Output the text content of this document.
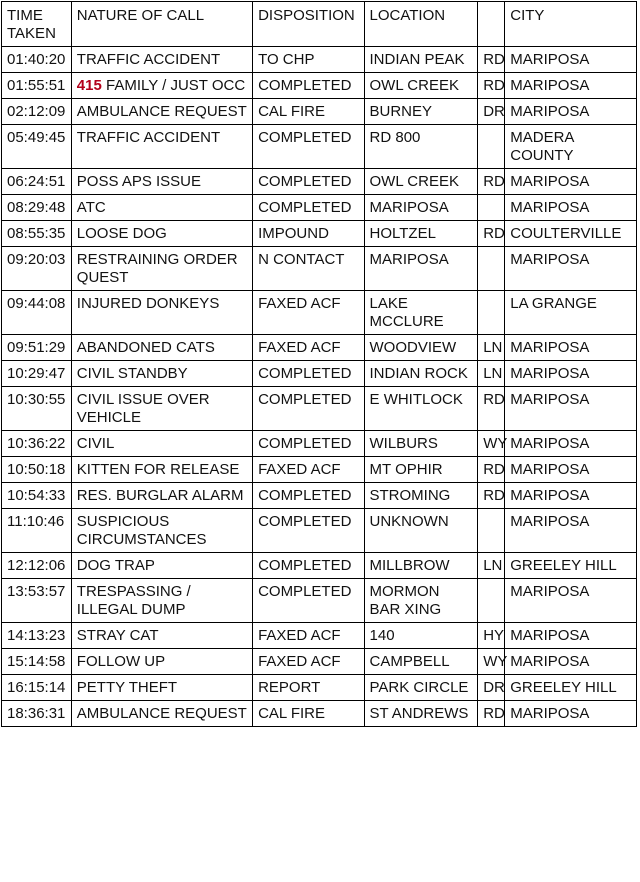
TIME TAKEN	NATURE OF CALL	DISPOSITION	LOCATION		CITY
01:40:20	TRAFFIC ACCIDENT	TO CHP	INDIAN PEAK	RD	MARIPOSA
01:55:51	415 FAMILY / JUST OCC	COMPLETED	OWL CREEK	RD	MARIPOSA
02:12:09	AMBULANCE REQUEST	CAL FIRE	BURNEY	DR	MARIPOSA
05:49:45	TRAFFIC ACCIDENT	COMPLETED	RD 800		MADERA COUNTY
06:24:51	POSS APS ISSUE	COMPLETED	OWL CREEK	RD	MARIPOSA
08:29:48	ATC	COMPLETED	MARIPOSA		MARIPOSA
08:55:35	LOOSE DOG	IMPOUND	HOLTZEL	RD	COULTERVILLE
09:20:03	RESTRAINING ORDER QUEST	N CONTACT	MARIPOSA		MARIPOSA
09:44:08	INJURED DONKEYS	FAXED ACF	LAKE MCCLURE		LA GRANGE
09:51:29	ABANDONED CATS	FAXED ACF	WOODVIEW	LN	MARIPOSA
10:29:47	CIVIL STANDBY	COMPLETED	INDIAN ROCK	LN	MARIPOSA
10:30:55	CIVIL ISSUE OVER VEHICLE	COMPLETED	E WHITLOCK	RD	MARIPOSA
10:36:22	CIVIL	COMPLETED	WILBURS	WY	MARIPOSA
10:50:18	KITTEN FOR RELEASE	FAXED ACF	MT OPHIR	RD	MARIPOSA
10:54:33	RES. BURGLAR ALARM	COMPLETED	STROMING	RD	MARIPOSA
11:10:46	SUSPICIOUS CIRCUMSTANCES	COMPLETED	UNKNOWN		MARIPOSA
12:12:06	DOG TRAP	COMPLETED	MILLBROW	LN	GREELEY HILL
13:53:57	TRESPASSING / ILLEGAL DUMP	COMPLETED	MORMON BAR XING		MARIPOSA
14:13:23	STRAY CAT	FAXED ACF	140	HY	MARIPOSA
15:14:58	FOLLOW UP	FAXED ACF	CAMPBELL	WY	MARIPOSA
16:15:14	PETTY THEFT	REPORT	PARK CIRCLE	DR	GREELEY HILL
18:36:31	AMBULANCE REQUEST	CAL FIRE	ST ANDREWS	RD	MARIPOSA
